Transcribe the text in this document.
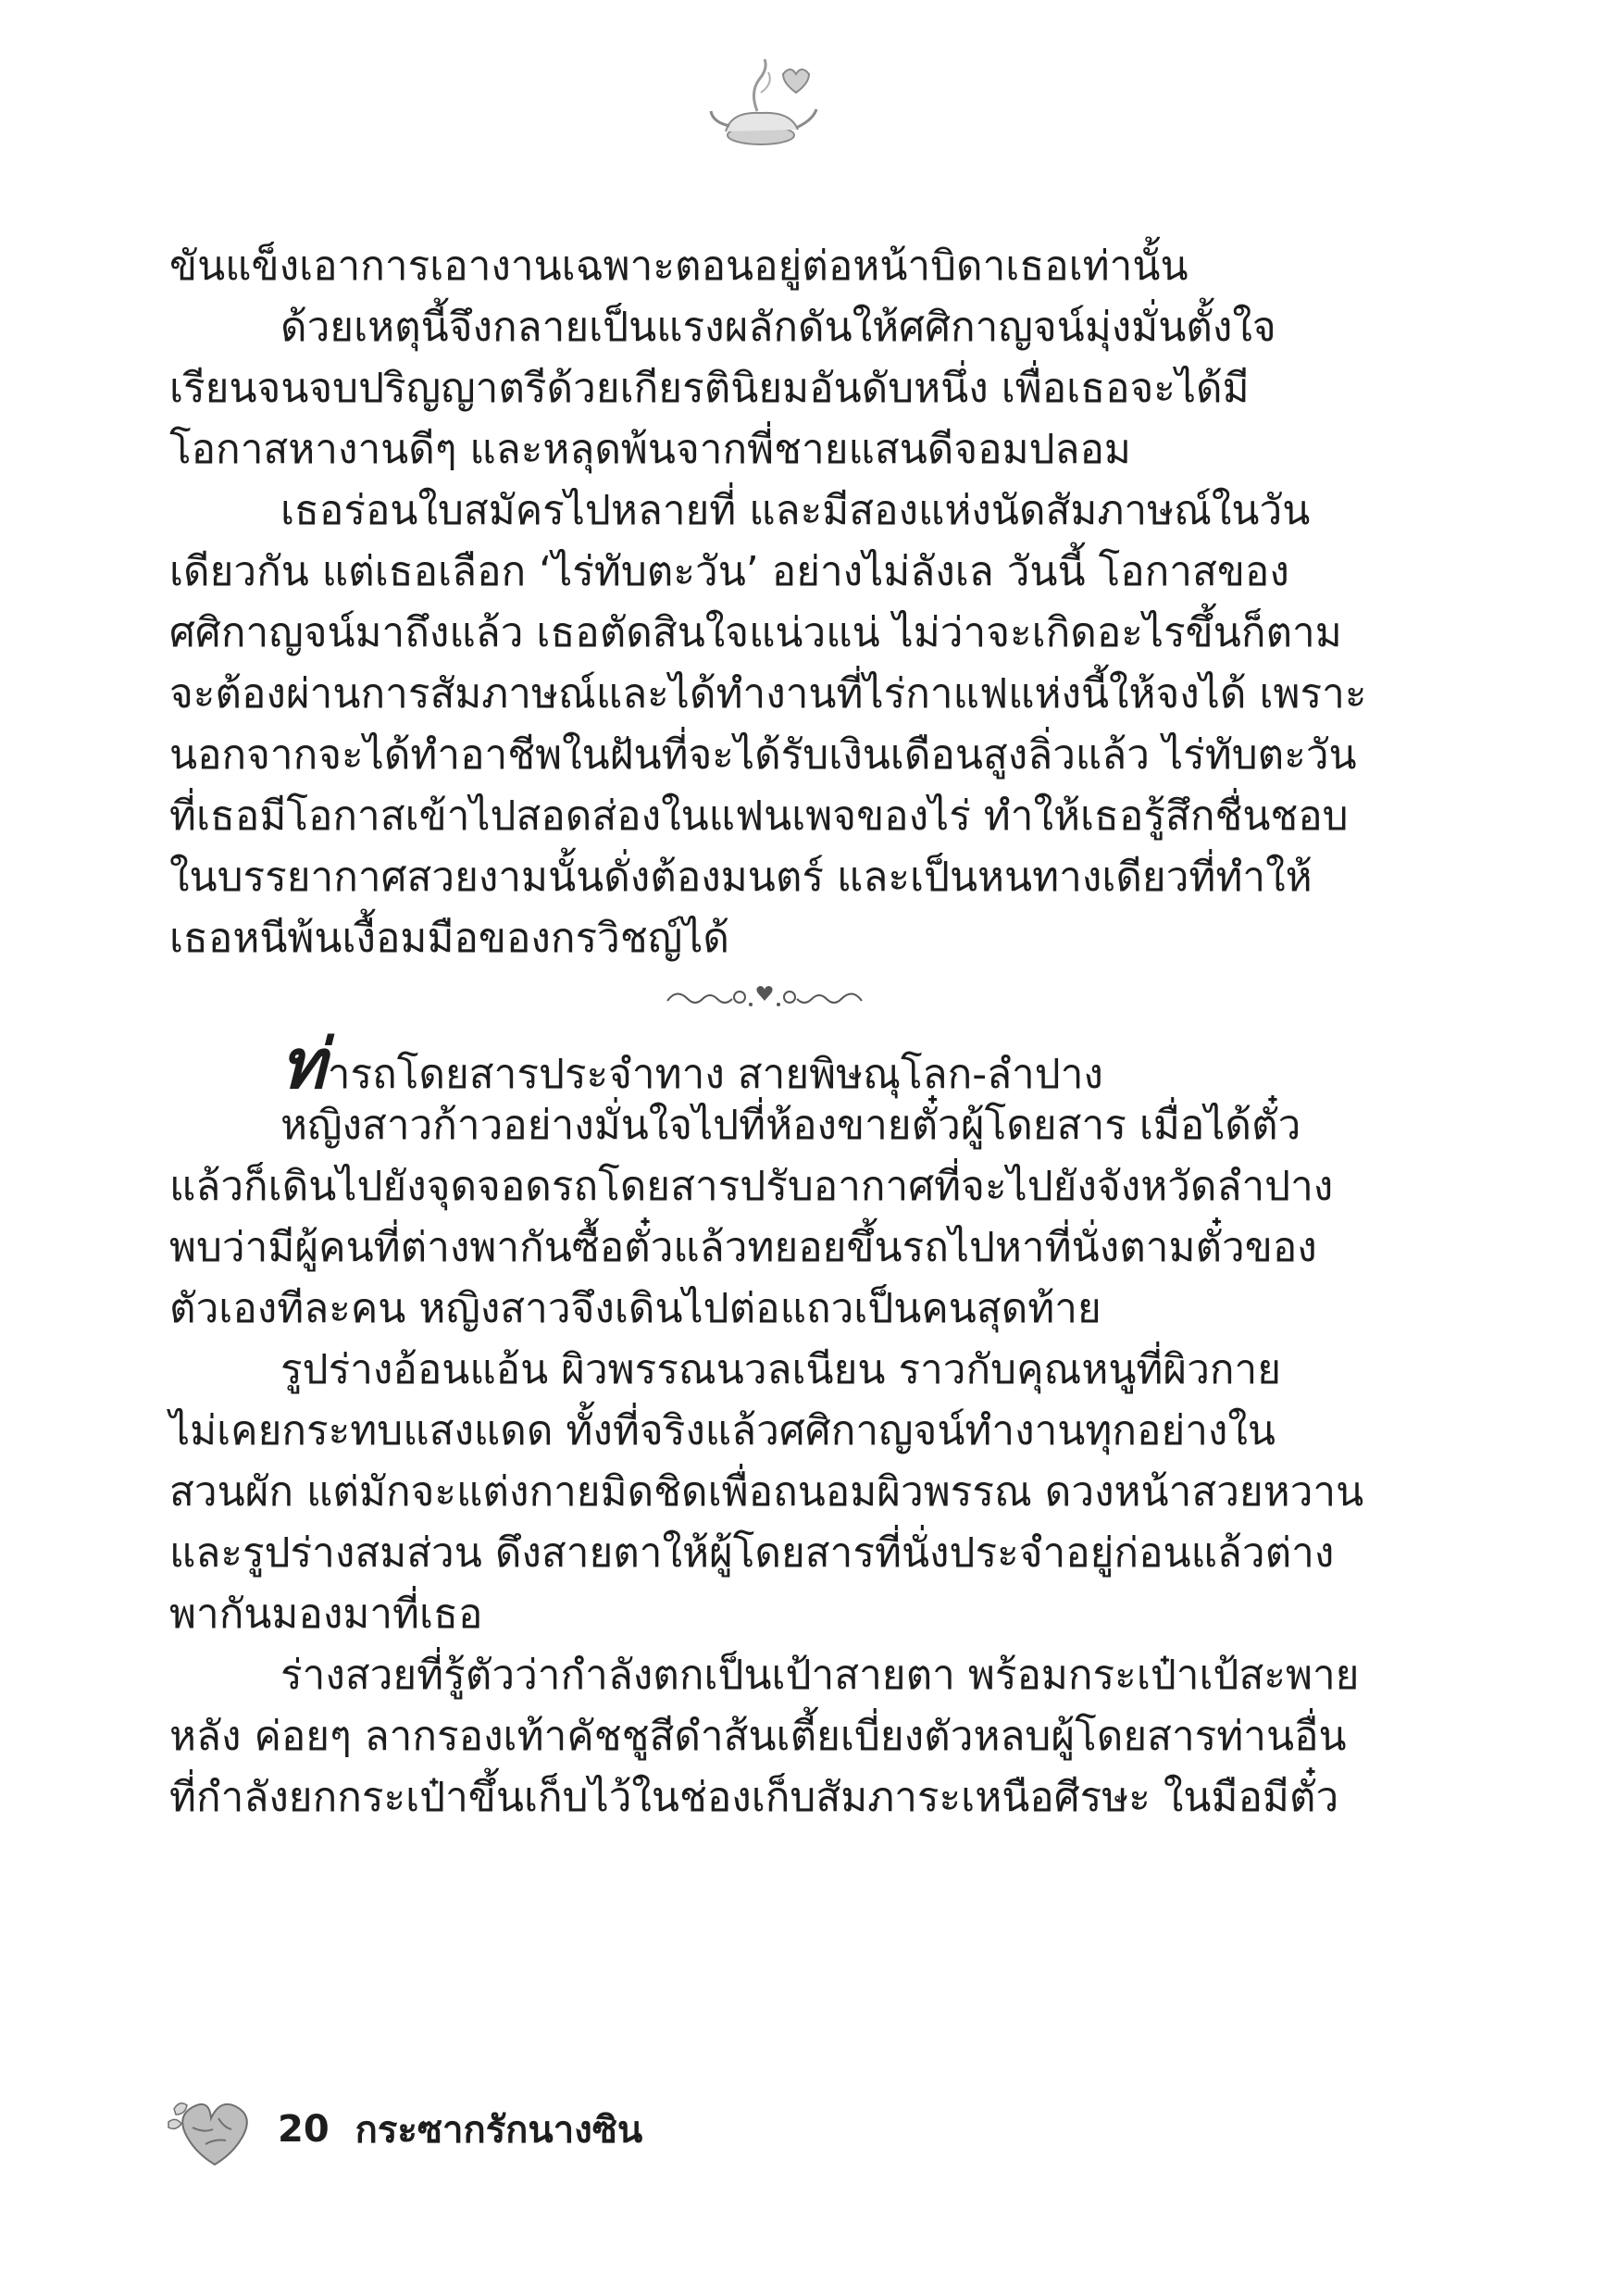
ขันแข็งเอาการเอางานเฉพาะตอนอยู่ต่อหน้าบิดาเธอเท่านั้น
ด้วยเหตุนี้จึงกลายเป็นแรงผลักดันให้ศศิกาญจน์มุ่งมั่นตั้งใจ
เรียนจนจบปริญญาตรีด้วยเกียรตินิยมอันดับหนึ่ง เพื่อเธอจะได้มี
โอกาสหางานดีๆ และหลุดพ้นจากพี่ชายแสนดีจอมปลอม
เธอร่อนใบสมัครไปหลายที่ และมีสองแห่งนัดสัมภาษณ์ในวัน
เดียวกัน แต่เธอเลือก ‘ไร่ทับตะวัน’ อย่างไม่ลังเล วันนี้ โอกาสของ
ศศิกาญจน์มาถึงแล้ว เธอตัดสินใจแน่วแน่ ไม่ว่าจะเกิดอะไรขึ้นก็ตาม
จะต้องผ่านการสัมภาษณ์และได้ทำงานที่ไร่กาแฟแห่งนี้ให้จงได้ เพราะ
นอกจากจะได้ทำอาชีพในฝันที่จะได้รับเงินเดือนสูงลิ่วแล้ว ไร่ทับตะวัน
ที่เธอมีโอกาสเข้าไปสอดส่องในแฟนเพจของไร่ ทำให้เธอรู้สึกชื่นชอบ
ในบรรยากาศสวยงามนั้นดั่งต้องมนตร์ และเป็นหนทางเดียวที่ทำให้
เธอหนีพ้นเงื้อมมือของกรวิชญ์ได้
ท่ารถโดยสารประจำทาง สายพิษณุโลก-ลำปาง
หญิงสาวก้าวอย่างมั่นใจไปที่ห้องขายตั๋วผู้โดยสาร เมื่อได้ตั๋ว
แล้วก็เดินไปยังจุดจอดรถโดยสารปรับอากาศที่จะไปยังจังหวัดลำปาง
พบว่ามีผู้คนที่ต่างพากันซื้อตั๋วแล้วทยอยขึ้นรถไปหาที่นั่งตามตั๋วของ
ตัวเองทีละคน หญิงสาวจึงเดินไปต่อแถวเป็นคนสุดท้าย
รูปร่างอ้อนแอ้น ผิวพรรณนวลเนียน ราวกับคุณหนูที่ผิวกาย
ไม่เคยกระทบแสงแดด ทั้งที่จริงแล้วศศิกาญจน์ทำงานทุกอย่างใน
สวนผัก แต่มักจะแต่งกายมิดชิดเพื่อถนอมผิวพรรณ ดวงหน้าสวยหวาน
และรูปร่างสมส่วน ดึงสายตาให้ผู้โดยสารที่นั่งประจำอยู่ก่อนแล้วต่าง
พากันมองมาที่เธอ
ร่างสวยที่รู้ตัวว่ากำลังตกเป็นเป้าสายตา พร้อมกระเป๋าเป้สะพาย
หลัง ค่อยๆ ลากรองเท้าคัชชูสีดำส้นเตี้ยเบี่ยงตัวหลบผู้โดยสารท่านอื่น
ที่กำลังยกกระเป๋าขึ้นเก็บไว้ในช่องเก็บสัมภาระเหนือศีรษะ ในมือมีตั๋ว
20 กระซากรักนางซิน
